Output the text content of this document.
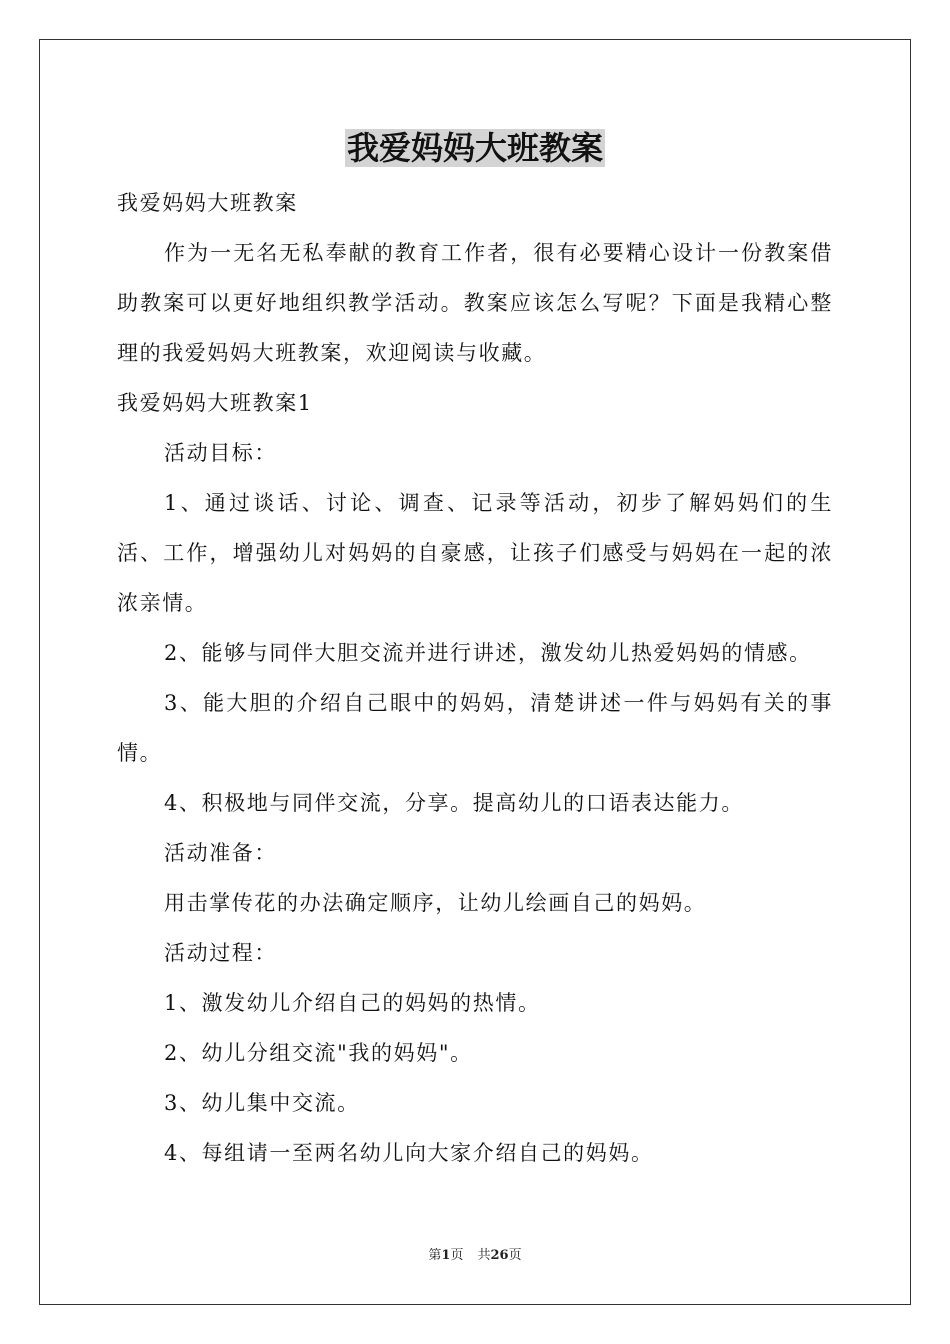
我爱妈妈大班教案

我爱妈妈大班教案

作为一无名无私奉献的教育工作者，很有必要精心设计一份教案借助教案可以更好地组织教学活动。教案应该怎么写呢？下面是我精心整理的我爱妈妈大班教案，欢迎阅读与收藏。

我爱妈妈大班教案1

活动目标：

1、通过谈话、讨论、调查、记录等活动，初步了解妈妈们的生活、工作，增强幼儿对妈妈的自豪感，让孩子们感受与妈妈在一起的浓浓亲情。

2、能够与同伴大胆交流并进行讲述，激发幼儿热爱妈妈的情感。

3、能大胆的介绍自己眼中的妈妈，清楚讲述一件与妈妈有关的事情。

4、积极地与同伴交流，分享。提高幼儿的口语表达能力。

活动准备：

用击掌传花的办法确定顺序，让幼儿绘画自己的妈妈。

活动过程：

1、激发幼儿介绍自己的妈妈的热情。

2、幼儿分组交流"我的妈妈"。

3、幼儿集中交流。

4、每组请一至两名幼儿向大家介绍自己的妈妈。

第1页 共26页
